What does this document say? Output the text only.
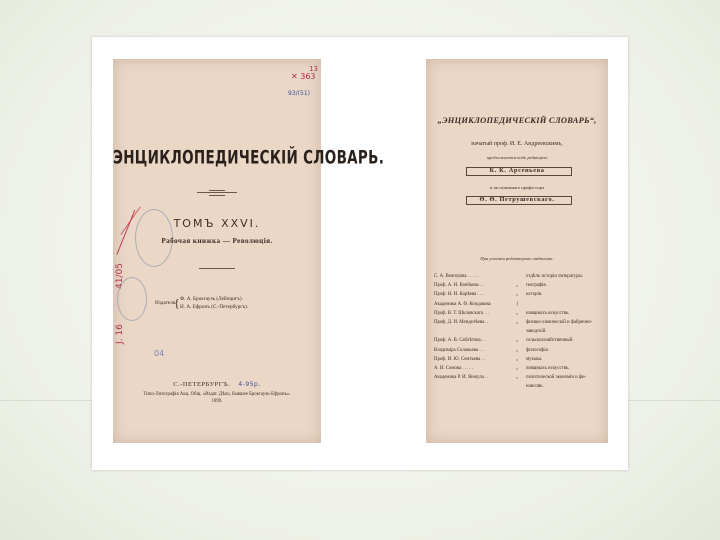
13
✕ 363
93/(51)
41/05
J. 16
04
ЭНЦИКЛОПЕДИЧЕСКІЙ СЛОВАРЬ.
ТОМЪ XXVI.
Рабочая книжка — Революція.
Издатели
{ Ф. А. Брокгаузъ (Лейпцигъ).
И. А. Ефронъ (С.-Петербургъ).
С.-ПЕТЕРБУРГЪ. 4-95р.
Типо-Литографія Акц. Общ. «Издат. Дѣло, бывшее Брокгаузъ-Ефронъ».
1899.
„ЭНЦИКЛОПЕДИЧЕСКІЙ СЛОВАРЬ“,
начатый проф. И. Е. Андреевскимъ,
продолжается подъ редакціею
К. К. Арсеньева
и заслуженнаго профессора
Ѳ. Ѳ. Петрушевскаго.
При участіи редакторовъ отдѣловъ:
С. А. Венгерова . . . . .	отдѣлъ исторіи литературы.
Проф. А. И. Воейкова . .	„ географія.
Проф. Н. И. Карѣева . . .	„ исторія.
Академика А. Ѳ. Кондакова	}
Проф. В. Т. Шкловскаго. . .	„ изящныхъ искусствъ.
Проф. Д. И. Менделѣева. .	„ физико-химическій и фабрично-
заводскій.
Проф. А. В. Саблѣтова. . .	„ сельскохозяйственный.
Владиміра Соловьева. . .	„ философія.
Проф. И. Ю. Семтьева . .	„ музыка.
А. И. Сомова . . . . .	„ изящныхъ искусствъ.
Академика Р. И. Янжула . .	„ политической экономіи и фи-
нансовъ.
